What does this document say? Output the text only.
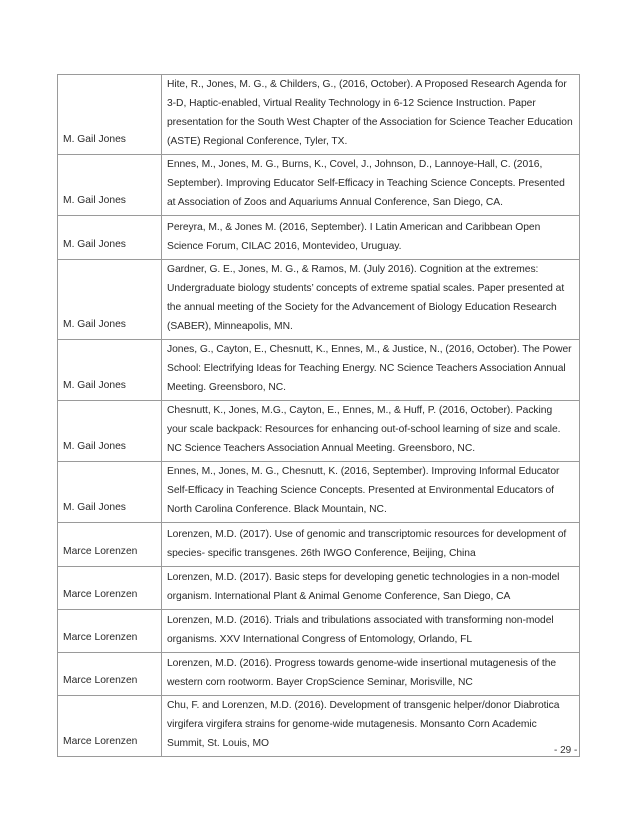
M. Gail Jones	Hite, R., Jones, M. G., & Childers, G., (2016, October). A Proposed Research Agenda for 3-D, Haptic-enabled, Virtual Reality Technology in 6-12 Science Instruction. Paper presentation for the South West Chapter of the Association for Science Teacher Education (ASTE) Regional Conference, Tyler, TX.
M. Gail Jones	Ennes, M., Jones, M. G., Burns, K., Covel, J., Johnson, D., Lannoye-Hall, C. (2016, September). Improving Educator Self-Efficacy in Teaching Science Concepts. Presented at Association of Zoos and Aquariums Annual Conference, San Diego, CA.
M. Gail Jones	Pereyra, M., & Jones M. (2016, September). I Latin American and Caribbean Open Science Forum, CILAC 2016, Montevideo, Uruguay.
M. Gail Jones	Gardner, G. E., Jones, M. G., & Ramos, M. (July 2016). Cognition at the extremes: Undergraduate biology students’ concepts of extreme spatial scales. Paper presented at the annual meeting of the Society for the Advancement of Biology Education Research (SABER), Minneapolis, MN.
M. Gail Jones	Jones, G., Cayton, E., Chesnutt, K., Ennes, M., & Justice, N., (2016, October). The Power School: Electrifying Ideas for Teaching Energy. NC Science Teachers Association Annual Meeting. Greensboro, NC.
M. Gail Jones	Chesnutt, K., Jones, M.G., Cayton, E., Ennes, M., & Huff, P. (2016, October). Packing your scale backpack: Resources for enhancing out-of-school learning of size and scale. NC Science Teachers Association Annual Meeting. Greensboro, NC.
M. Gail Jones	Ennes, M., Jones, M. G., Chesnutt, K. (2016, September). Improving Informal Educator Self-Efficacy in Teaching Science Concepts. Presented at Environmental Educators of North Carolina Conference. Black Mountain, NC.
Marce Lorenzen	Lorenzen, M.D. (2017). Use of genomic and transcriptomic resources for development of species- specific transgenes. 26th IWGO Conference, Beijing, China
Marce Lorenzen	Lorenzen, M.D. (2017). Basic steps for developing genetic technologies in a non-model organism. International Plant & Animal Genome Conference, San Diego, CA
Marce Lorenzen	Lorenzen, M.D. (2016). Trials and tribulations associated with transforming non-model organisms. XXV International Congress of Entomology, Orlando, FL
Marce Lorenzen	Lorenzen, M.D. (2016). Progress towards genome-wide insertional mutagenesis of the western corn rootworm. Bayer CropScience Seminar, Morisville, NC
Marce Lorenzen	Chu, F. and Lorenzen, M.D. (2016). Development of transgenic helper/donor Diabrotica virgifera virgifera strains for genome-wide mutagenesis. Monsanto Corn Academic Summit, St. Louis, MO
- 29 -
